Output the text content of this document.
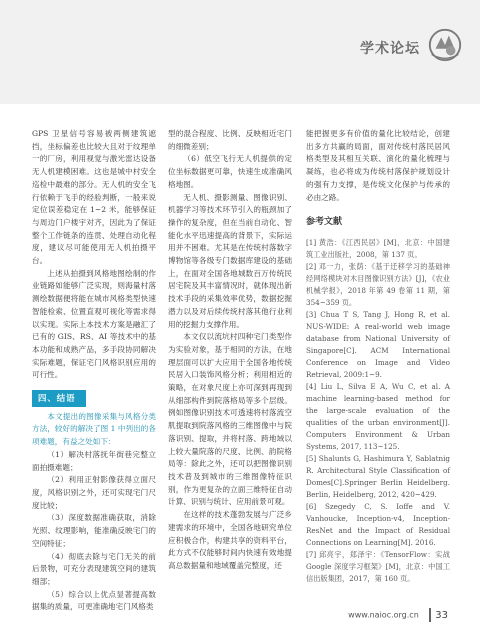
学术论坛

GPS 卫星信号容易被两侧建筑遮挡，坐标偏差也比较大且对于纹理单一的厂房，利用视觉与激光雷达设备无人机建模困难。这也是城中村安全巡检中最难的部分。无人机的安全飞行依赖于飞手的经验判断，一般来说定位误差稳定在 1~2 米，能够保证与周边门户楼宇对齐，因此为了保证整个工作链条的连贯、处理自动化程度，建议尽可能使用无人机拍摄平台。

上述从拍摄到风格地图绘制的作业链路如能够广泛实现，则海量村落测绘数据便将能在城市风格类型快速智能检索、位置直观可视化等需求得以实现。实际上本技术方案是融汇了已有的 GIS、RS、AI 等技术中的基本功能和成熟产品，多手段协同解决实际难题，保证宅门风格识别应用的可行性。

四、结语

本文提出的图像采集与风格分类方法，较好的解决了图 1 中列出的各项难题，有益之处如下：

（1）解决村落抚年街巷完整立面拍摄难题；

（2）利用正射影像获得立面尺度，风格识别之外，还可实现宅门尺度比较；

（3）深度数据准确获取，消除光照、纹理影响，能准确反映宅门的空间特征；

（4）彻底去除与宅门无关的前后景物，可充分表现建筑空间的建筑细部；

（5）综合以上优点显著提高数据集的质量，可更准确地宅门风格类

型的混合程度、比例、反映相近宅门的细微差别；

（6）低空飞行无人机提供的定位坐标数据更可靠，快速生成准确风格地图。

无人机、摄影测量、图像识别、机器学习等技术环节引入的瓶颈加了操作的复杂度，但在当前自动化、智能化水平迅速提高的背景下，实际运用并不困难。尤其是在传统村落数字博物馆等各级专门数据库建设的基础上，在面对全国各地城数百万传统民居宅院及其丰富情况时，就体现出新技术手段的采集效率优势，数据挖掘潜力以及对后续传统村落其他行业利用的挖掘力支撑作用。

本文仅以流坑村四种宅门类型作为实验对象，基于相同的方法，在地理层面可以扩大应用于全国各地传统民居入口装饰风格分析；利用相近的策略，在对象尺度上亦可深到再现到从细部构件到院落格局等多个层级。例如图像识别技术可透速将村落流空肌提取到院落风格的三维图像中与院落识别、提取，并将村落、跨地域以上较大量院落的尺度、比例、韵院格局等：除此之外，还可以把图像识别技术普及到城市的三维图像特征识别，作为更复杂的立面三维特征自动计算、识别与统计、应用前景可观。

在这样的技术蓬勃发展与广泛乡建需求的环境中，全国各地研究单位应积极合作，构建共享的资料平台，此方式不仅能够时间内快速有效地提高总数据量和地域覆盖完整度，还

能把握更多有价值的量化比较结论，创建出多方共赢的局面，面对传统村落民居风格类型及其相互关联、演化的量化梳理与凝练，也必将成为传统村落保护规划设计的强有力支撑，是传统文化保护与传承的必由之路。

参考文献

[1] 黄浩：《江西民居》[M]，北京：中国建筑工业出版社，2008，第 137 页。

[2] 邓一力，张荫：《基于迁移学习的基础神经网络模块对木目图像识别方法》[J]，《农业机械学报》，2018 年第 49 卷第 11 期，第 354~359 页。

[3] Chua T S, Tang J, Hong R, et al. NUS-WIDE: A real-world web image database from National University of Singapore[C]. ACM International Conference on Image and Video Retrieval, 2009:1~9.

[4] Liu L, Silva E A, Wu C, et al. A machine learning-based method for the large-scale evaluation of the qualities of the urban environment[J]. Computers Environment & Urban Systems, 2017, 113~125.

[5] Shalunts G, Hashimura Y, Sablatnig R. Architectural Style Classification of Domes[C].Springer Berlin Heidelberg. Berlin, Heidelberg, 2012, 420~429.

[6] Szegedy C, S. Ioffe and V. Vanhoucke, Inception-v4, Inception-ResNet and the Impact of Residual Connections on Learning[M]. 2016.

[7] 邱亮宇，郑泽宇：《TensorFlow：实战 Google 深度学习框架》[M]，北京：中国工信出版集团，2017，第 160 页。

www.naioc.org.cn 33
